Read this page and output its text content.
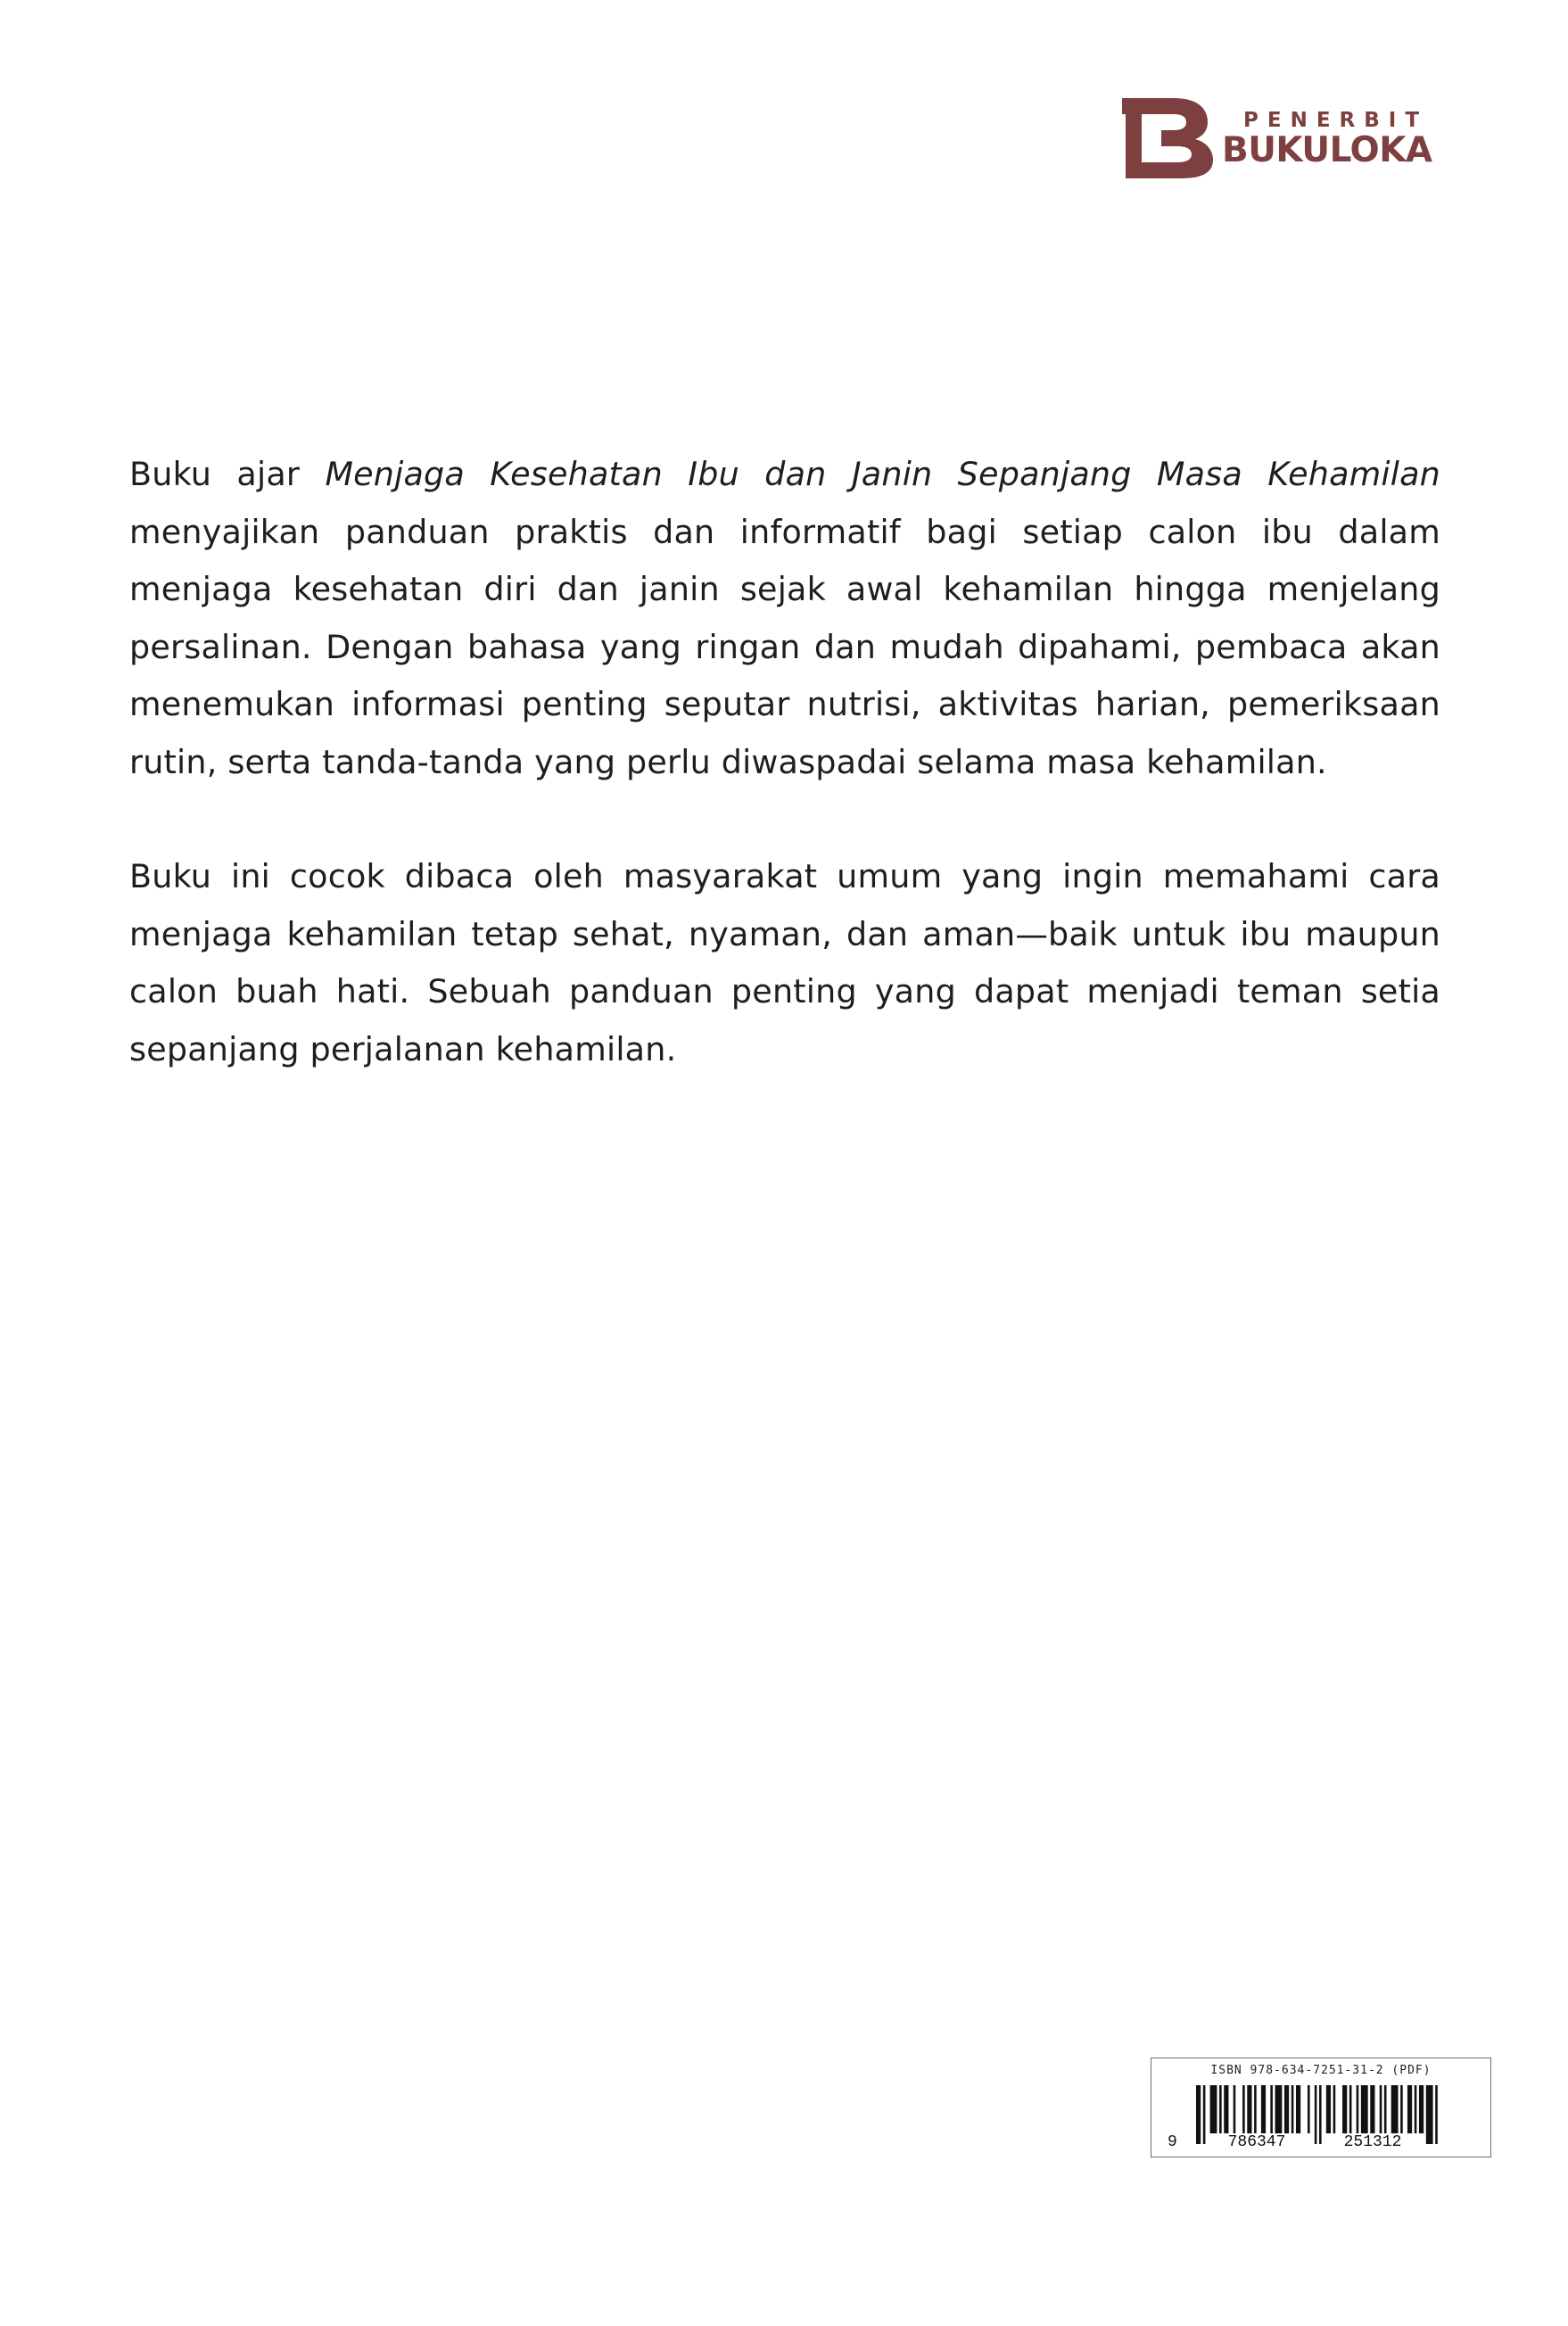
PENERBIT
BUKULOKA

Buku ajar Menjaga Kesehatan Ibu dan Janin Sepanjang Masa Kehamilan menyajikan panduan praktis dan informatif bagi setiap calon ibu dalam menjaga kesehatan diri dan janin sejak awal kehamilan hingga menjelang persalinan. Dengan bahasa yang ringan dan mudah dipahami, pembaca akan menemukan informasi penting seputar nutrisi, aktivitas harian, pemeriksaan rutin, serta tanda-tanda yang perlu diwaspadai selama masa kehamilan.

Buku ini cocok dibaca oleh masyarakat umum yang ingin memahami cara menjaga kehamilan tetap sehat, nyaman, dan aman—baik untuk ibu maupun calon buah hati. Sebuah panduan penting yang dapat menjadi teman setia sepanjang perjalanan kehamilan.

ISBN 978-634-7251-31-2 (PDF)
9	786347	251312
